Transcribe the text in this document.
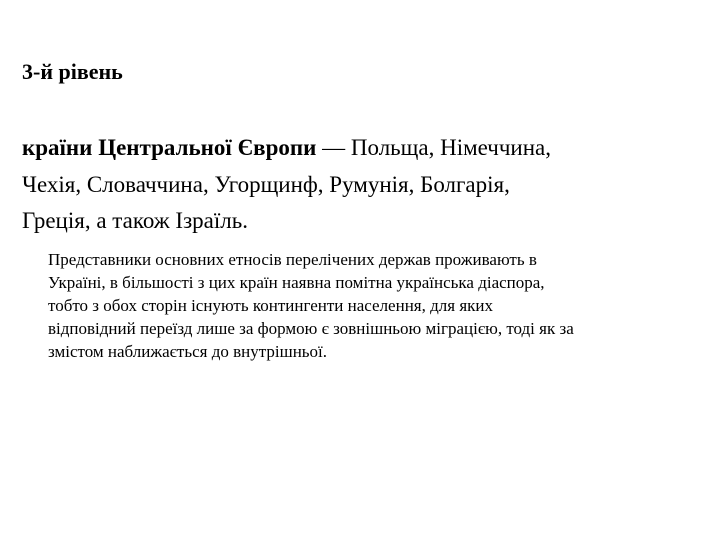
3-й рівень

країни Центральної Європи — Польща, Німеччина,
Чехія, Словаччина, Угорщинф, Румунія, Болгарія,
Греція, а також Ізраїль.

Представники основних етносів перелічених держав проживають в
Україні, в більшості з цих країн наявна помітна українська діаспора,
тобто з обох сторін існують контингенти населення, для яких
відповідний переїзд лише за формою є зовнішньою міграцією, тоді як за
змістом наближається до внутрішньої.
